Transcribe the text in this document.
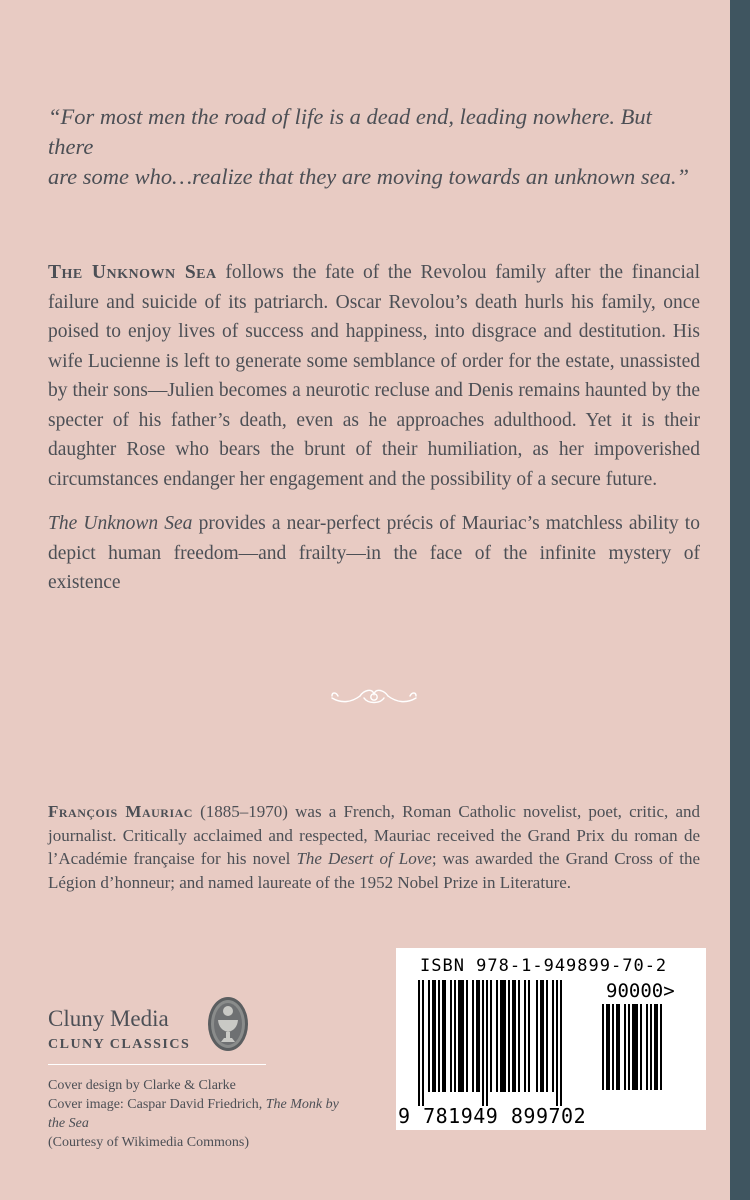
“For most men the road of life is a dead end, leading nowhere. But there

are some who…realize that they are moving towards an unknown sea.”

The Unknown Sea follows the fate of the Revolou family after the financial failure and suicide of its patriarch. Oscar Revolou’s death hurls his family, once poised to enjoy lives of success and happiness, into disgrace and destitution. His wife Lucienne is left to generate some semblance of order for the estate, unassisted by their sons—Julien becomes a neurotic recluse and Denis remains haunted by the specter of his father’s death, even as he approaches adulthood. Yet it is their daughter Rose who bears the brunt of their humiliation, as her impoverished circumstances endanger her engagement and the possibility of a secure future.

The Unknown Sea provides a near-perfect précis of Mauriac’s matchless ability to depict human freedom—and frailty—in the face of the infinite mystery of existence

François Mauriac (1885–1970) was a French, Roman Catholic novelist, poet, critic, and journalist. Critically acclaimed and respected, Mauriac received the Grand Prix du roman de l’Académie française for his novel The Desert of Love; was awarded the Grand Cross of the Légion d’honneur; and named laureate of the 1952 Nobel Prize in Literature.

Cluny Media
CLUNY CLASSICS

Cover design by Clarke & Clarke

Cover image: Caspar David Friedrich, The Monk by the Sea

(Courtesy of Wikimedia Commons)

ISBN 978-1-949899-70-2
90000>
9 781949 899702
